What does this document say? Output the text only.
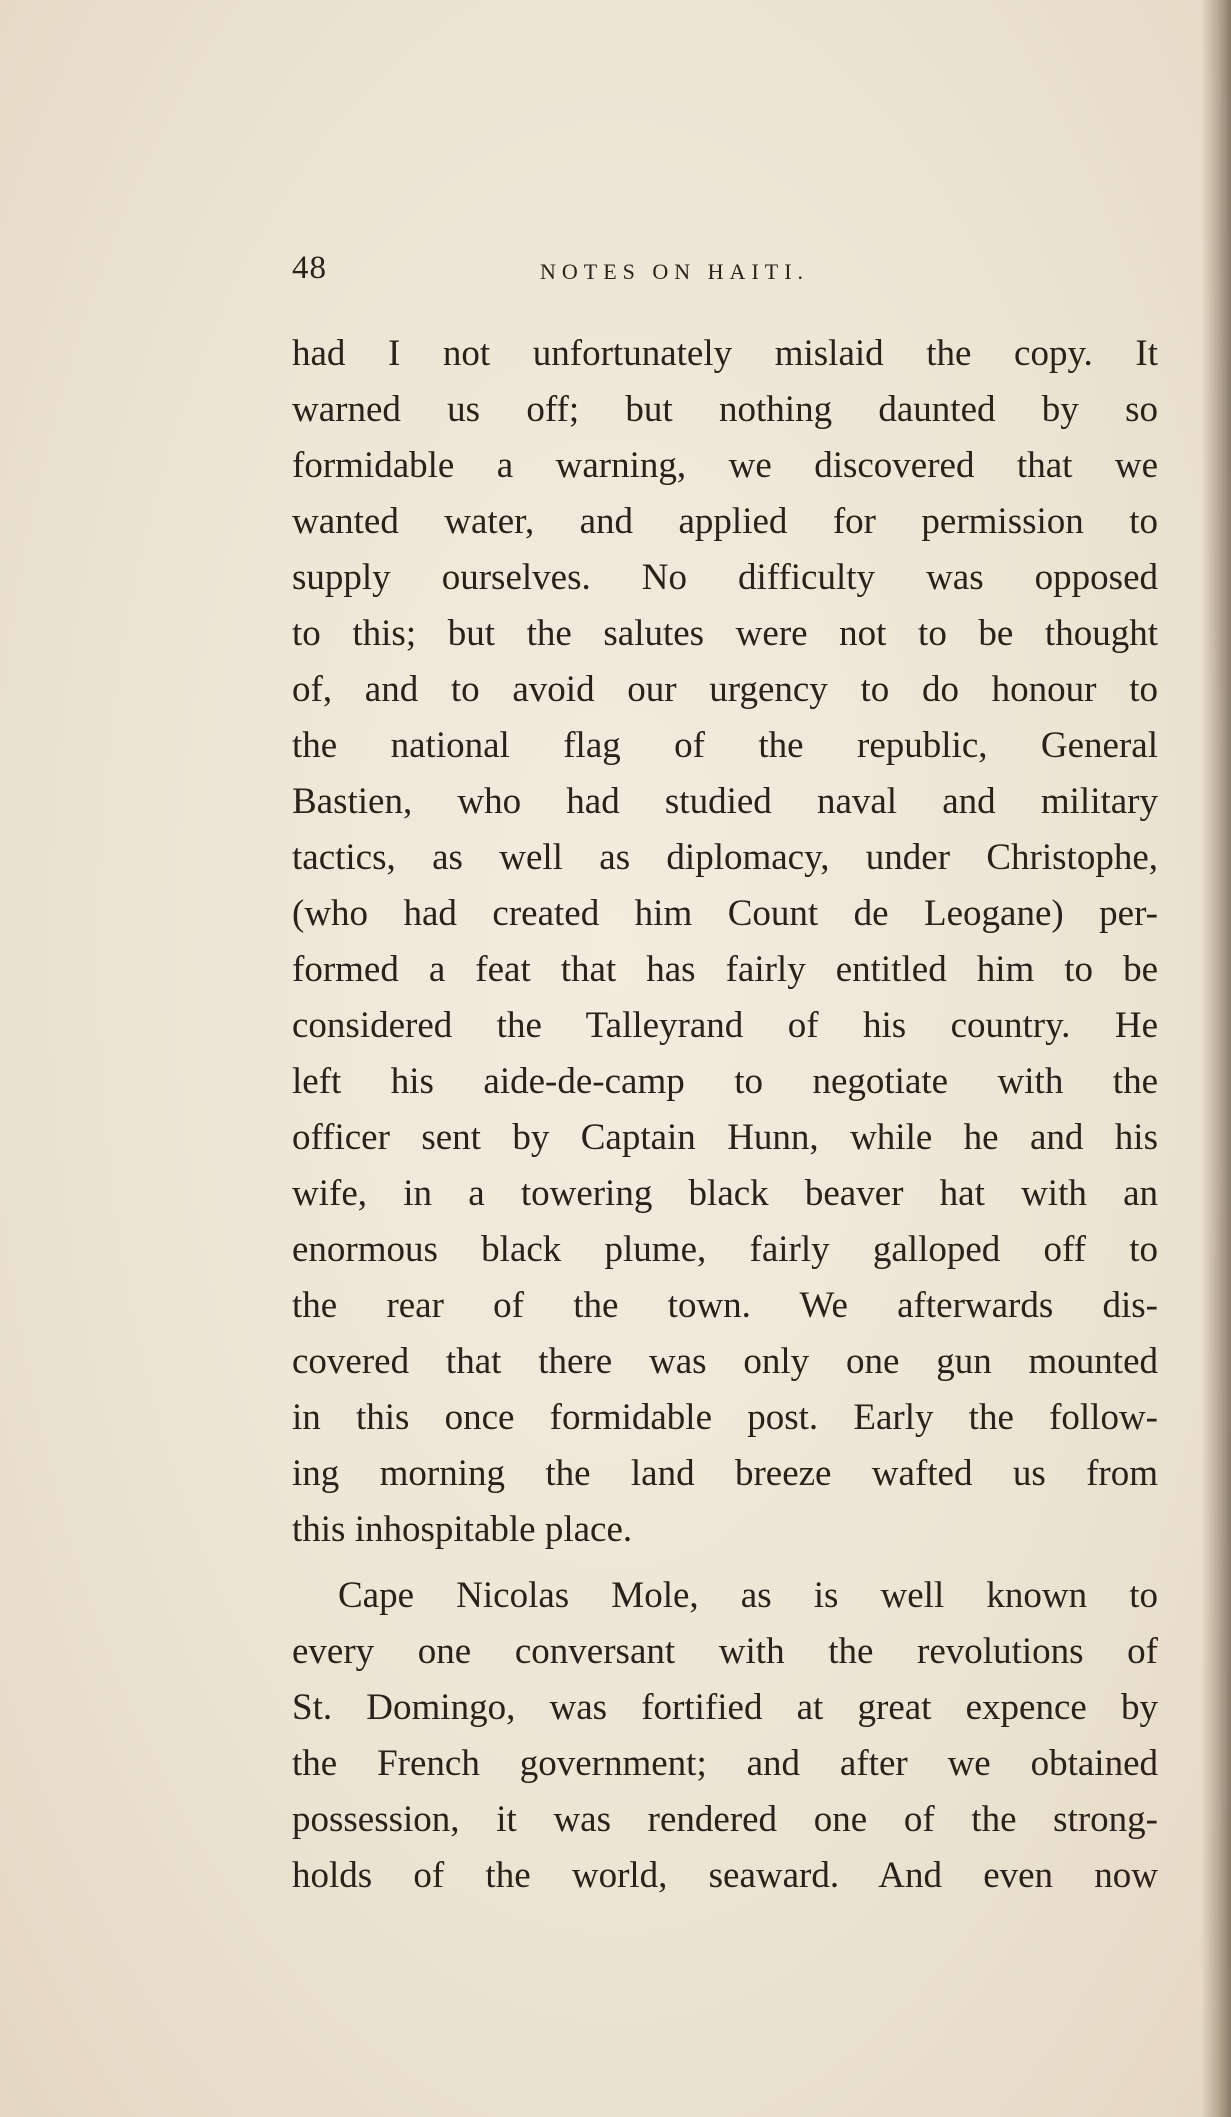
48	NOTES ON HAITI.
had I not unfortunately mislaid the copy. It
warned us off; but nothing daunted by so
formidable a warning, we discovered that we
wanted water, and applied for permission to
supply ourselves. No difficulty was opposed
to this; but the salutes were not to be thought
of, and to avoid our urgency to do honour to
the national flag of the republic, General
Bastien, who had studied naval and military
tactics, as well as diplomacy, under Christophe,
(who had created him Count de Leogane) per-
formed a feat that has fairly entitled him to be
considered the Talleyrand of his country. He
left his aide-de-camp to negotiate with the
officer sent by Captain Hunn, while he and his
wife, in a towering black beaver hat with an
enormous black plume, fairly galloped off to
the rear of the town. We afterwards dis-
covered that there was only one gun mounted
in this once formidable post. Early the follow-
ing morning the land breeze wafted us from
this inhospitable place.
Cape Nicolas Mole, as is well known to
every one conversant with the revolutions of
St. Domingo, was fortified at great expence by
the French government; and after we obtained
possession, it was rendered one of the strong-
holds of the world, seaward. And even now
